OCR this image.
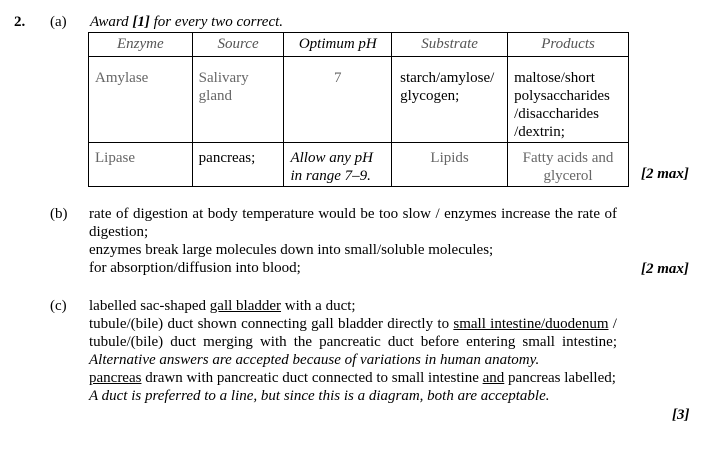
2. (a) Award [1] for every two correct.
Enzyme	Source	Optimum pH	Substrate	Products
Amylase	Salivary gland	7	starch/amylose/ glycogen;	maltose/short polysaccharides /disaccharides /dextrin;
Lipase	pancreas;	Allow any pH in range 7–9.	Lipids	Fatty acids and glycerol	[2 max]
(b) rate of digestion at body temperature would be too slow / enzymes increase the rate of digestion;

enzymes break large molecules down into small/soluble molecules;

for absorption/diffusion into blood;	[2 max]
(c) labelled sac-shaped gall bladder with a duct;

tubule/(bile) duct shown connecting gall bladder directly to small intestine/duodenum / tubule/(bile) duct merging with the pancreatic duct before entering small intestine; Alternative answers are accepted because of variations in human anatomy.

pancreas drawn with pancreatic duct connected to small intestine and pancreas labelled;

A duct is preferred to a line, but since this is a diagram, both are acceptable.

[3]
